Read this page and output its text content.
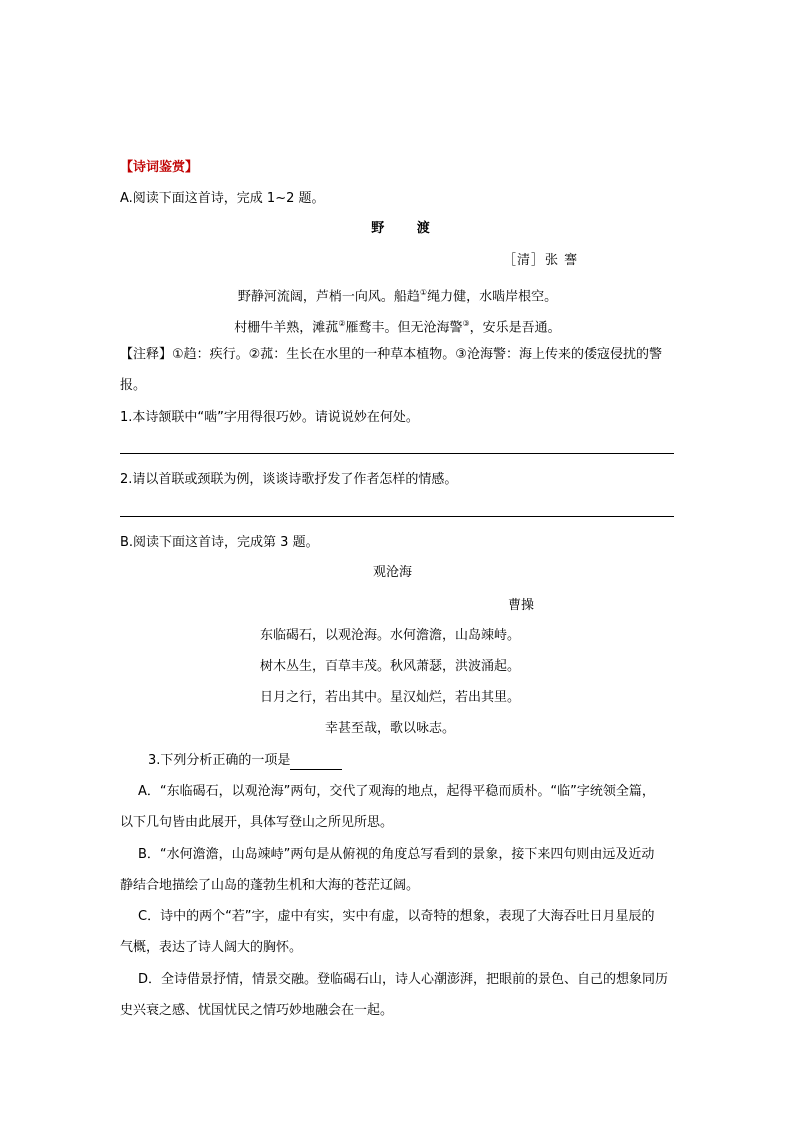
【诗词鉴赏】
A.阅读下面这首诗，完成 1~2 题。
野 渡
［清］张 謇
野静河流阔，芦梢一向风。船趋①绳力健，水啮岸根空。
村栅牛羊熟，滩菰②雁鹜丰。但无沧海警③，安乐是吾通。
【注释】①趋：疾行。②菰：生长在水里的一种草本植物。③沧海警：海上传来的倭寇侵扰的警
报。
1.本诗颔联中“啮”字用得很巧妙。请说说妙在何处。
2.请以首联或颈联为例，谈谈诗歌抒发了作者怎样的情感。
B.阅读下面这首诗，完成第 3 题。
观沧海
曹操
东临碣石，以观沧海。水何澹澹，山岛竦峙。
树木丛生，百草丰茂。秋风萧瑟，洪波涌起。
日月之行，若出其中。星汉灿烂，若出其里。
幸甚至哉，歌以咏志。
3.下列分析正确的一项是
A．“东临碣石，以观沧海”两句，交代了观海的地点，起得平稳而质朴。“临”字统领全篇，
以下几句皆由此展开，具体写登山之所见所思。
B．“水何澹澹，山岛竦峙”两句是从俯视的角度总写看到的景象，接下来四句则由远及近动
静结合地描绘了山岛的蓬勃生机和大海的苍茫辽阔。
C．诗中的两个“若”字，虚中有实，实中有虚，以奇特的想象，表现了大海吞吐日月星辰的
气概，表达了诗人阔大的胸怀。
D．全诗借景抒情，情景交融。登临碣石山，诗人心潮澎湃，把眼前的景色、自己的想象同历
史兴衰之感、忧国忧民之情巧妙地融会在一起。
